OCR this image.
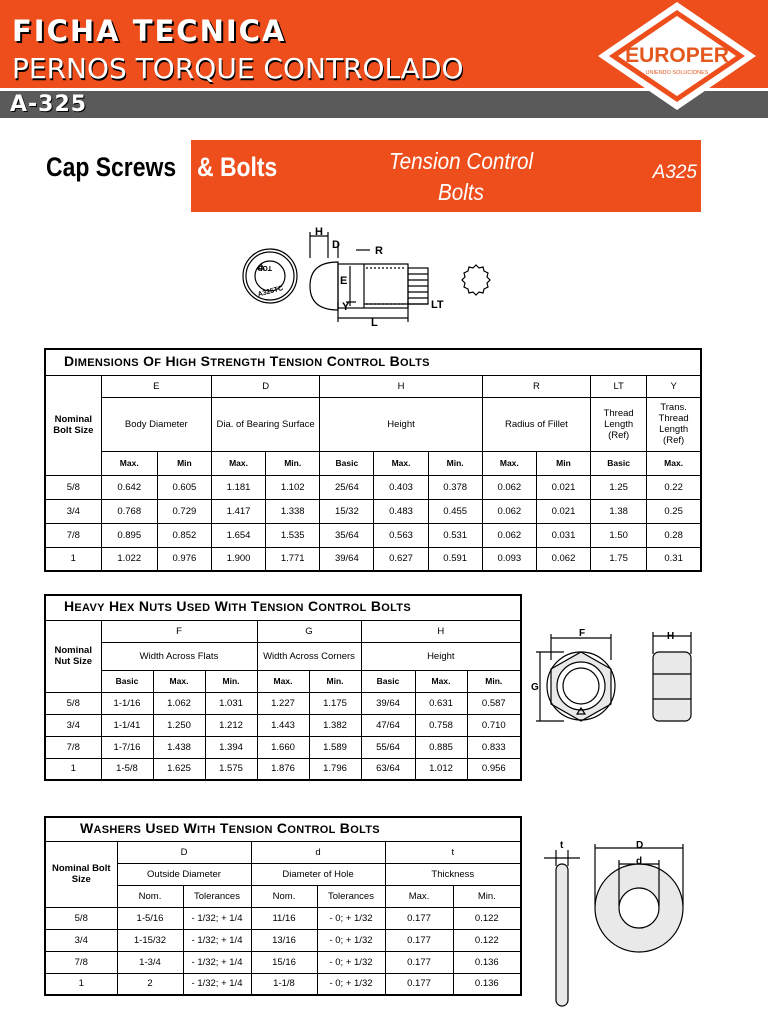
FICHA TECNICA
PERNOS TORQUE CONTROLADO
A-325
EUROPER
UNIENDO SOLUCIONES
Cap Screws & Bolts	Tension Control
Bolts
A325
H
D	R
E
Y	LT
L
TCB
A325TC
DIMENSIONS OF HIGH STRENGTH TENSION CONTROL BOLTS											
Nominal Bolt Size	E		D		H			R		LT	Y
	Body Diameter		Dia. of Bearing Surface		Height			Radius of Fillet		Thread Length (Ref)	Trans. Thread Length (Ref)
	Max.	Min	Max.	Min.	Basic	Max.	Min.	Max.	Min	Basic	Max.
5/8	0.642	0.605	1.181	1.102	25/64	0.403	0.378	0.062	0.021	1.25	0.22
3/4	0.768	0.729	1.417	1.338	15/32	0.483	0.455	0.062	0.021	1.38	0.25
7/8	0.895	0.852	1.654	1.535	35/64	0.563	0.531	0.062	0.031	1.50	0.28
1	1.022	0.976	1.900	1.771	39/64	0.627	0.591	0.093	0.062	1.75	0.31
HEAVY HEX NUTS USED WITH TENSION CONTROL BOLTS								
Nominal Nut Size	F			G		H		
	Width Across Flats			Width Across Corners		Height		
	Basic	Max.	Min.	Max.	Min.	Basic	Max.	Min.
5/8	1-1/16	1.062	1.031	1.227	1.175	39/64	0.631	0.587
3/4	1-1/41	1.250	1.212	1.443	1.382	47/64	0.758	0.710
7/8	1-7/16	1.438	1.394	1.660	1.589	55/64	0.885	0.833
1	1-5/8	1.625	1.575	1.876	1.796	63/64	1.012	0.956
F	H
G
WASHERS USED WITH TENSION CONTROL BOLTS						
Nominal Bolt Size	D		d		t	
	Outside Diameter		Diameter of Hole		Thickness	
	Nom.	Tolerances	Nom.	Tolerances	Max.	Min.
5/8	1-5/16	- 1/32; + 1/4	11/16	- 0; + 1/32	0.177	0.122
3/4	1-15/32	- 1/32; + 1/4	13/16	- 0; + 1/32	0.177	0.122
7/8	1-3/4	- 1/32; + 1/4	15/16	- 0; + 1/32	0.177	0.136
1	2	- 1/32; + 1/4	1-1/8	- 0; + 1/32	0.177	0.136
t	D
d
